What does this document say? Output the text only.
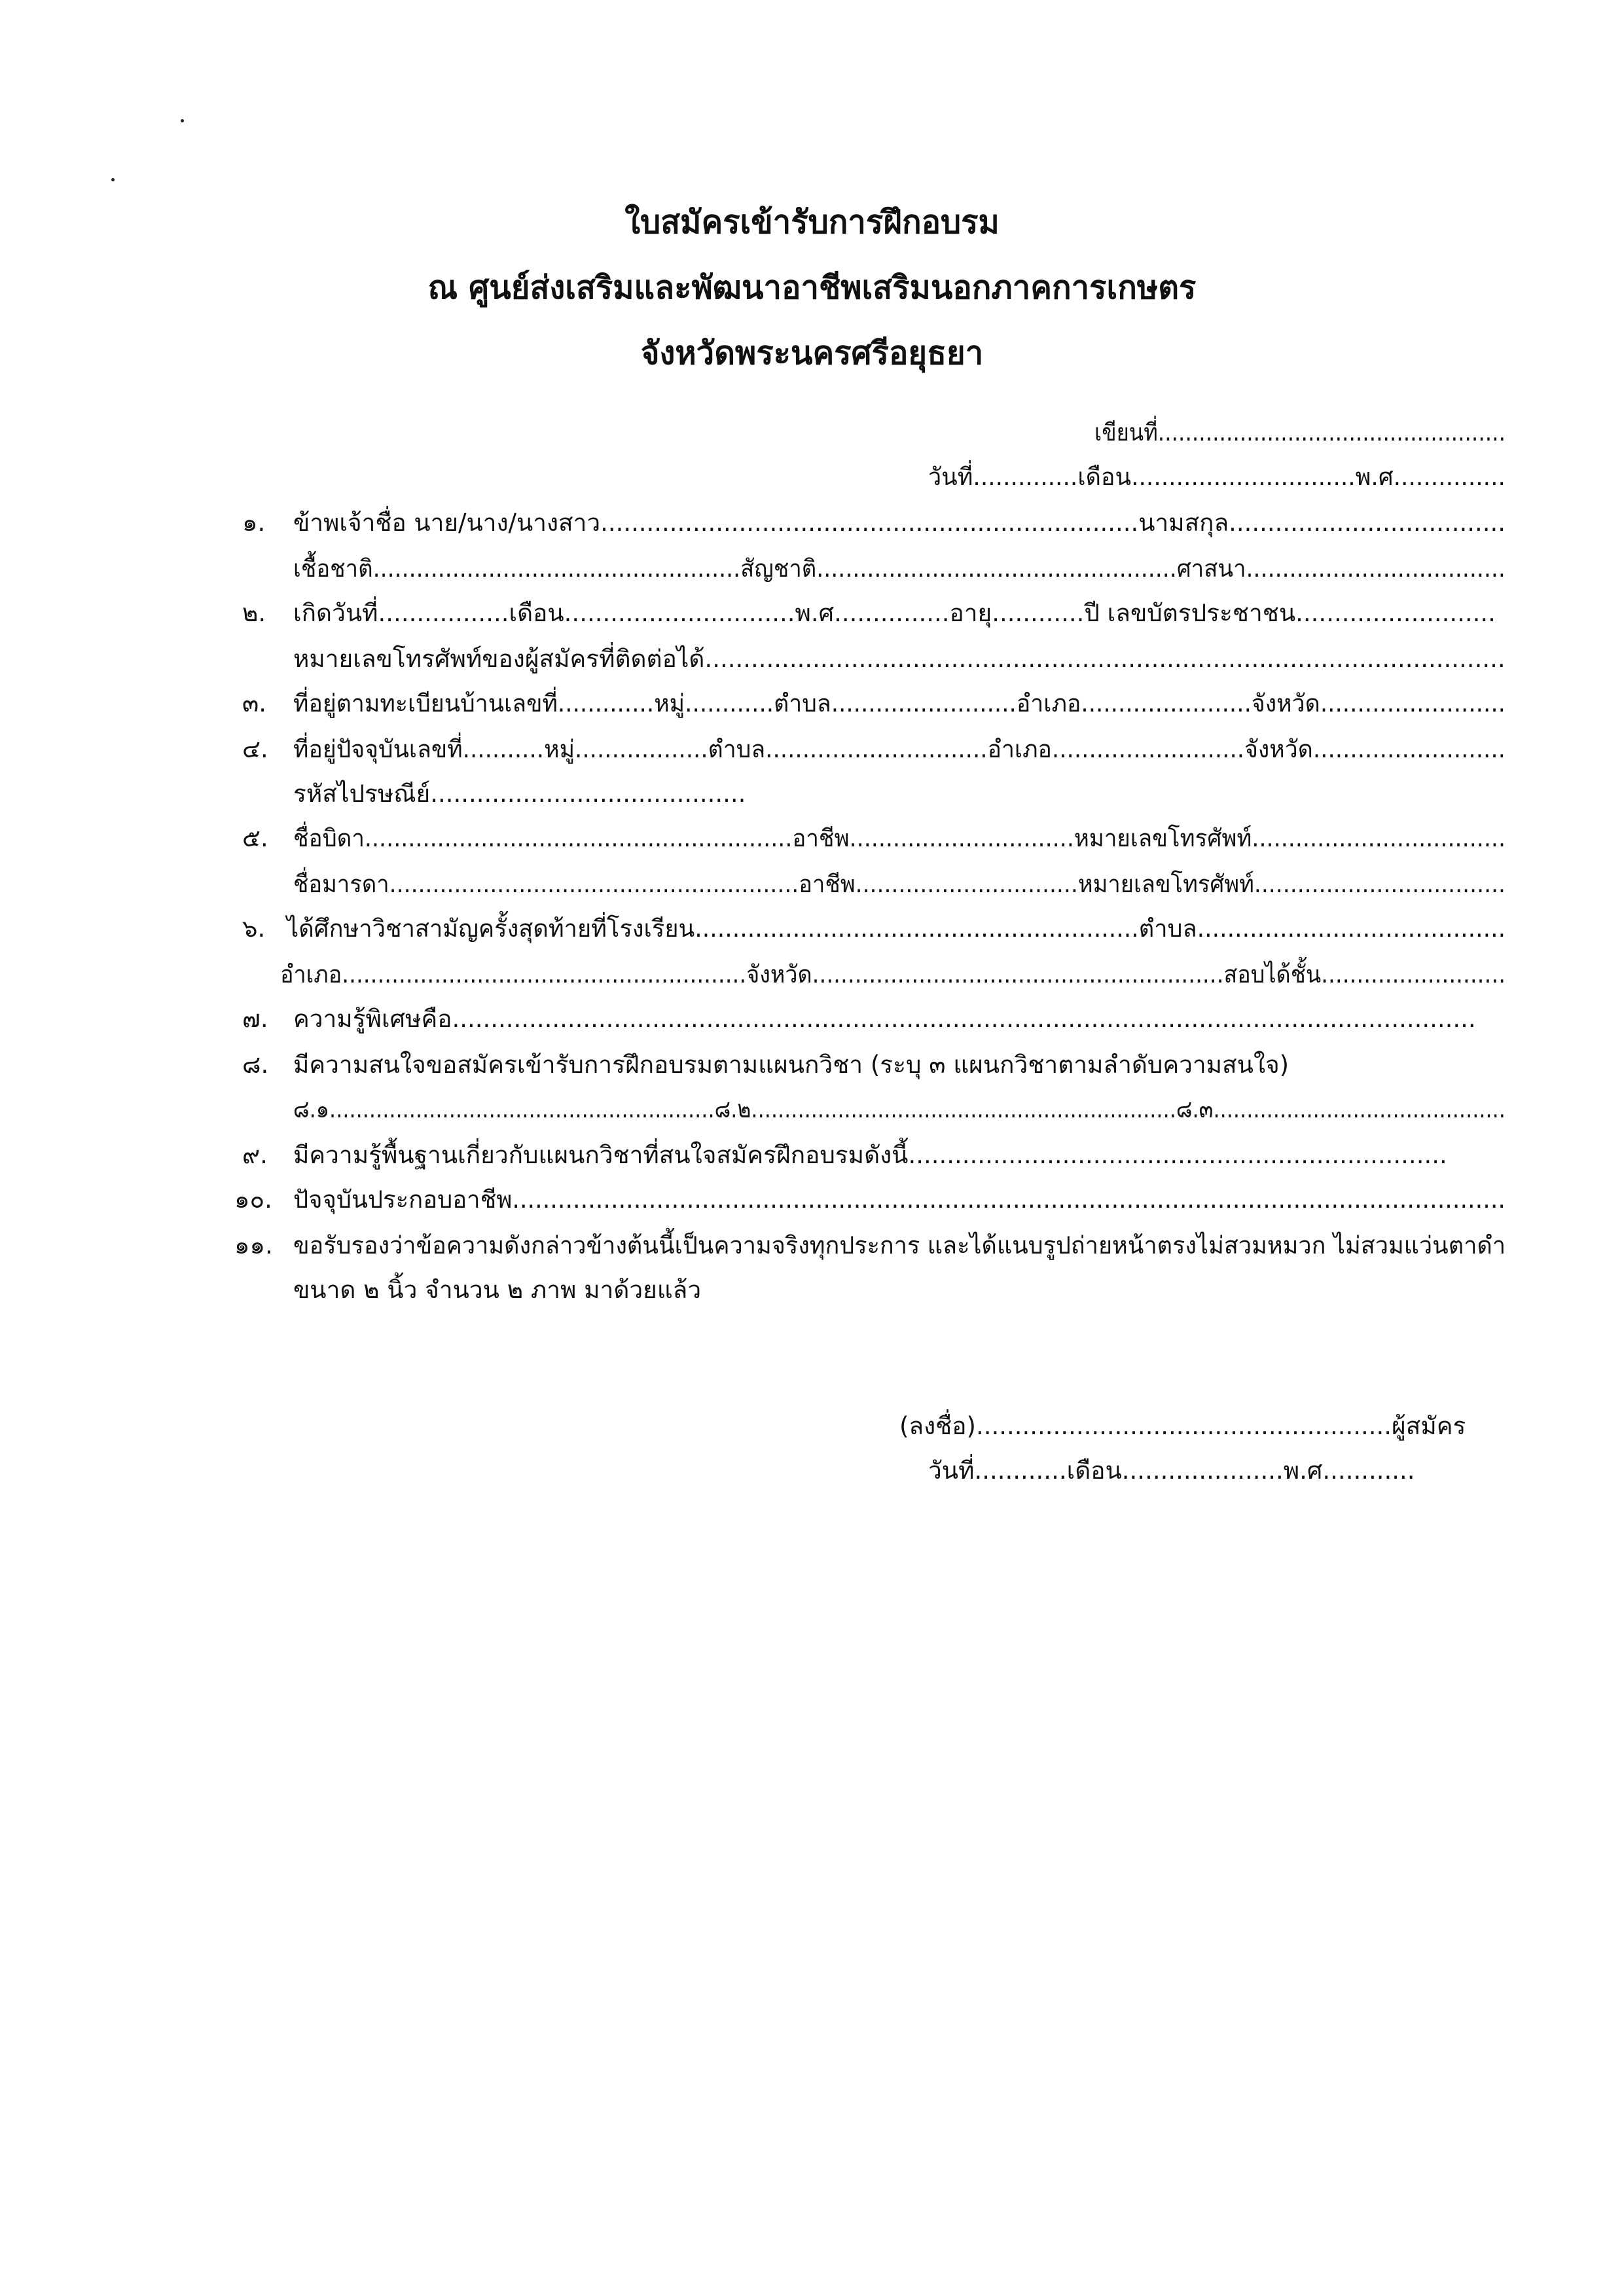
ใบสมัครเข้ารับการฝึกอบรม
ณ ศูนย์ส่งเสริมและพัฒนาอาชีพเสริมนอกภาคการเกษตร
จังหวัดพระนครศรีอยุธยา
เขียนที่...................................................
วันที่..............เดือน..............................พ.ศ...............
๑. ข้าพเจ้าชื่อ นาย/นาง/นางสาว......................................................................นามสกุล....................................
เชื้อชาติ...................................................สัญชาติ..................................................ศาสนา....................................
๒. เกิดวันที่.................เดือน..............................พ.ศ...............อายุ............ปี เลขบัตรประชาชน..........................
หมายเลขโทรศัพท์ของผู้สมัครที่ติดต่อได้........................................................................................................
๓. ที่อยู่ตามทะเบียนบ้านเลขที่.............หมู่............ตำบล.........................อำเภอ.......................จังหวัด.........................
๔. ที่อยู่ปัจจุบันเลขที่...........หมู่..................ตำบล..............................อำเภอ..........................จังหวัด..........................
รหัสไปรษณีย์.........................................
๕. ชื่อบิดา...........................................................อาชีพ...............................หมายเลขโทรศัพท์...................................
ชื่อมารดา.........................................................อาชีพ...............................หมายเลขโทรศัพท์...................................
๖. ได้ศึกษาวิชาสามัญครั้งสุดท้ายที่โรงเรียน...........................................................ตำบล.........................................
อำเภอ.........................................................จังหวัด..........................................................สอบได้ชั้น..........................
๗. ความรู้พิเศษคือ.....................................................................................................................................
๘. มีความสนใจขอสมัครเข้ารับการฝึกอบรมตามแผนกวิชา (ระบุ ๓ แผนกวิชาตามลำดับความสนใจ)
๘.๑..........................................................๘.๒................................................................๘.๓............................................
๙. มีความรู้พื้นฐานเกี่ยวกับแผนกวิชาที่สนใจสมัครฝึกอบรมดังนี้......................................................................
๑๐. ปัจจุบันประกอบอาชีพ...................................................................................................................................
๑๑. ขอรับรองว่าข้อความดังกล่าวข้างต้นนี้เป็นความจริงทุกประการ และได้แนบรูปถ่ายหน้าตรงไม่สวมหมวก ไม่สวมแว่นตาดำ
ขนาด ๒ นิ้ว จำนวน ๒ ภาพ มาด้วยแล้ว
(ลงชื่อ)......................................................ผู้สมัคร
วันที่............เดือน.....................พ.ศ............
